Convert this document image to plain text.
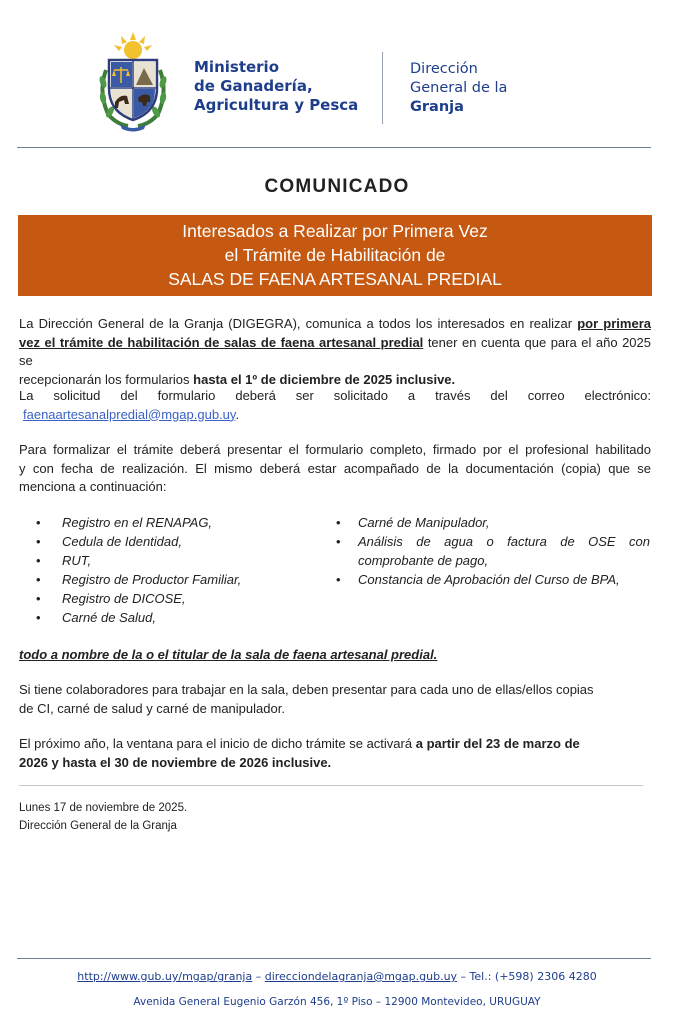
Ministerio
de Ganadería,
Agricultura y Pesca
Dirección
General de la
Granja
COMUNICADO
Interesados a Realizar por Primera Vez
el Trámite de Habilitación de
SALAS DE FAENA ARTESANAL PREDIAL
La Dirección General de la Granja (DIGEGRA), comunica a todos los interesados en realizar por primera
vez el trámite de habilitación de salas de faena artesanal predial tener en cuenta que para el año 2025 se
recepcionarán los formularios hasta el 1º de diciembre de 2025 inclusive.
La solicitud del formulario deberá ser solicitado a través del correo electrónico:
faenaartesanalpredial@mgap.gub.uy.
Para formalizar el trámite deberá presentar el formulario completo, firmado por el profesional habilitado
y con fecha de realización. El mismo deberá estar acompañado de la documentación (copia) que se
menciona a continuación:
• Registro en el RENAPAG,
• Cedula de Identidad,
• RUT,
• Registro de Productor Familiar,
• Registro de DICOSE,
• Carné de Salud,
• Carné de Manipulador,
• Análisis de agua o factura de OSE con comprobante de pago,
• Constancia de Aprobación del Curso de BPA,
todo a nombre de la o el titular de la sala de faena artesanal predial.
Si tiene colaboradores para trabajar en la sala, deben presentar para cada uno de ellas/ellos copias
de CI, carné de salud y carné de manipulador.
El próximo año, la ventana para el inicio de dicho trámite se activará a partir del 23 de marzo de
2026 y hasta el 30 de noviembre de 2026 inclusive.
Lunes 17 de noviembre de 2025.
Dirección General de la Granja
http://www.gub.uy/mgap/granja – direcciondelagranja@mgap.gub.uy – Tel.: (+598) 2306 4280
Avenida General Eugenio Garzón 456, 1º Piso – 12900 Montevideo, URUGUAY
